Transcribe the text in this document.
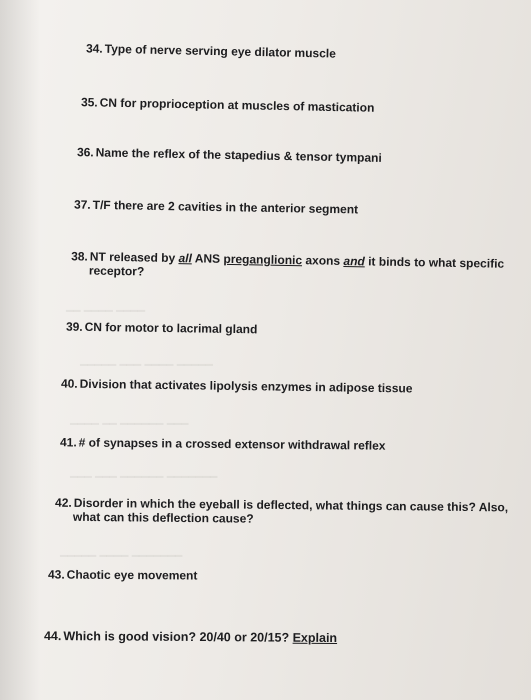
34. Type of nerve serving eye dilator muscle
35. CN for proprioception at muscles of mastication
36. Name the reflex of the stapedius & tensor tympani
37. T/F there are 2 cavities in the anterior segment
38. NT released by all ANS preganglionic axons and it binds to what specific
receptor?
━━ ━━━━ ━━━━
39. CN for motor to lacrimal gland
━━━━━ ━━━ ━━━━ ━━━━━
40. Division that activates lipolysis enzymes in adipose tissue
━━━━ ━━ ━━━━━━ ━━━
41. # of synapses in a crossed extensor withdrawal reflex
━━━ ━━━ ━━━━━━ ━━━━━━━
42. Disorder in which the eyeball is deflected, what things can cause this? Also,
what can this deflection cause?
━━━━━ ━━━━ ━━━━━━━
43. Chaotic eye movement
44. Which is good vision? 20/40 or 20/15? Explain
